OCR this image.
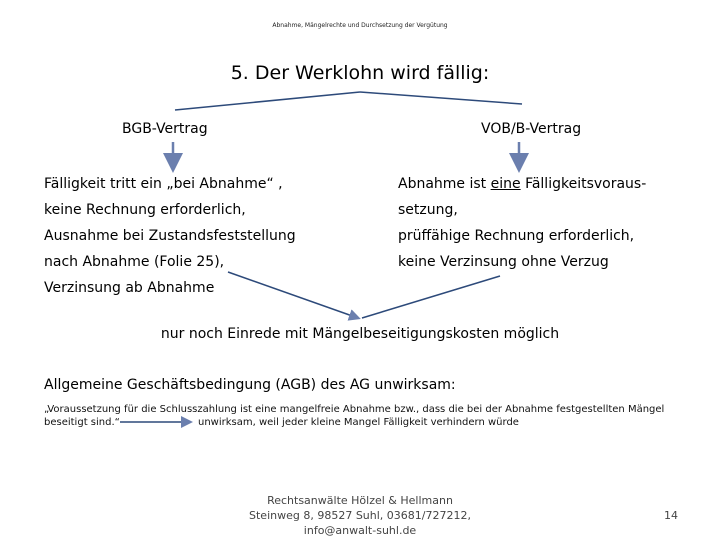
Abnahme, Mängelrechte und Durchsetzung der Vergütung
5. Der Werklohn wird fällig:
BGB-Vertrag	VOB/B-Vertrag
Fälligkeit tritt ein „bei Abnahme“ ,
keine Rechnung erforderlich,
Ausnahme bei Zustandsfeststellung
nach Abnahme (Folie 25),
Verzinsung ab Abnahme
Abnahme ist eine Fälligkeitsvoraus-
setzung,
prüffähige Rechnung erforderlich,
keine Verzinsung ohne Verzug
nur noch Einrede mit Mängelbeseitigungskosten möglich
Allgemeine Geschäftsbedingung (AGB) des AG unwirksam:
„Voraussetzung für die Schlusszahlung ist eine mangelfreie Abnahme bzw., dass die bei der Abnahme festgestellten Mängel
beseitigt sind.“	unwirksam, weil jeder kleine Mangel Fälligkeit verhindern würde
Rechtsanwälte Hölzel & Hellmann
Steinweg 8, 98527 Suhl, 03681/727212,
info@anwalt-suhl.de
14
